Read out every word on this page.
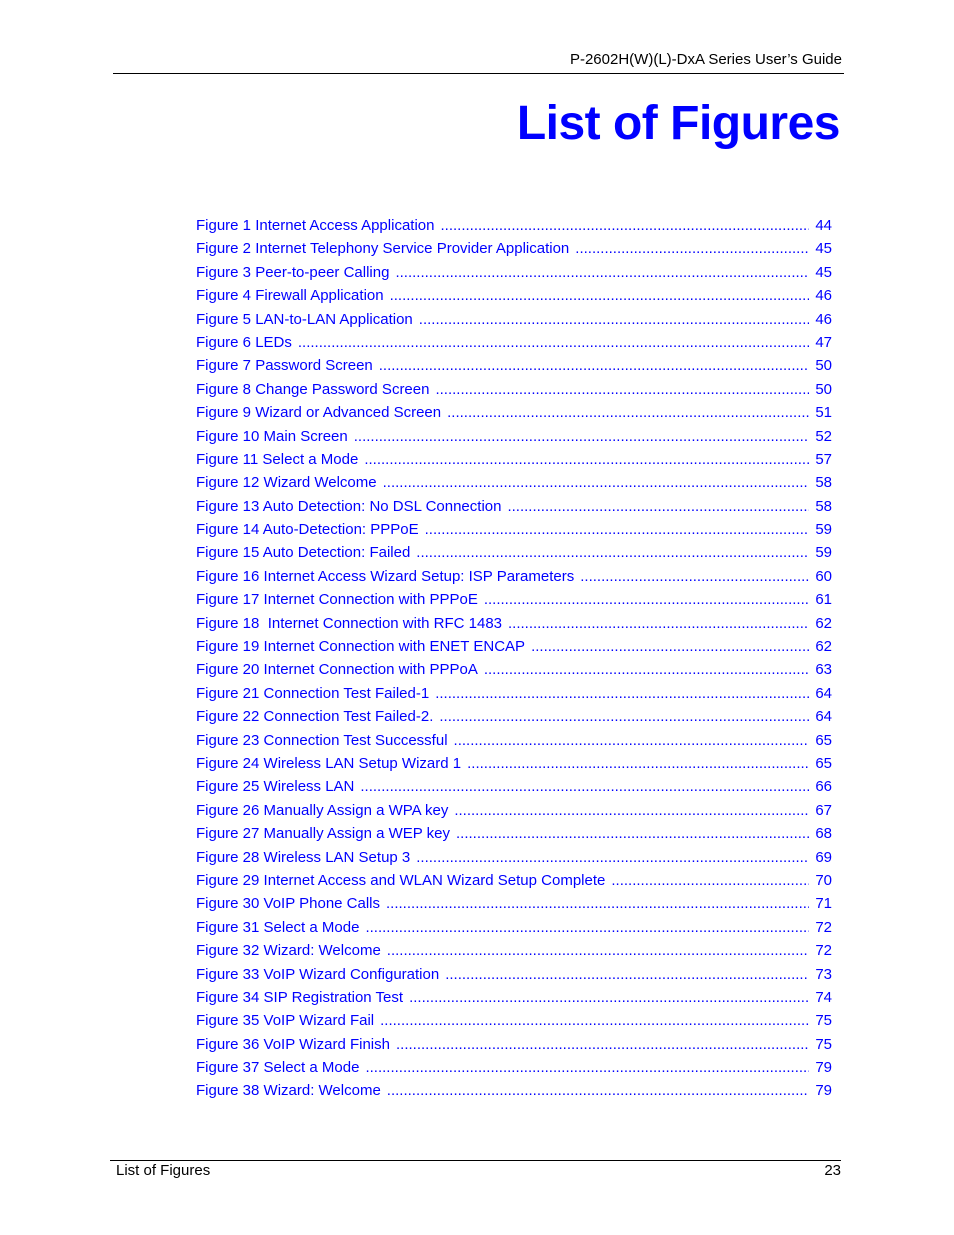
P-2602H(W)(L)-DxA Series User’s Guide
List of Figures
Figure 1 Internet Access Application .....	44
Figure 2 Internet Telephony Service Provider Application .....	45
Figure 3 Peer-to-peer Calling .....	45
Figure 4 Firewall Application .....	46
Figure 5 LAN-to-LAN Application .....	46
Figure 6 LEDs .....	47
Figure 7 Password Screen .....	50
Figure 8 Change Password Screen .....	50
Figure 9 Wizard or Advanced Screen .....	51
Figure 10 Main Screen .....	52
Figure 11 Select a Mode .....	57
Figure 12 Wizard Welcome .....	58
Figure 13 Auto Detection: No DSL Connection .....	58
Figure 14 Auto-Detection: PPPoE .....	59
Figure 15 Auto Detection: Failed .....	59
Figure 16 Internet Access Wizard Setup: ISP Parameters .....	60
Figure 17 Internet Connection with PPPoE .....	61
Figure 18  Internet Connection with RFC 1483 .....	62
Figure 19 Internet Connection with ENET ENCAP .....	62
Figure 20 Internet Connection with PPPoA .....	63
Figure 21 Connection Test Failed-1 .....	64
Figure 22 Connection Test Failed-2. .....	64
Figure 23 Connection Test Successful .....	65
Figure 24 Wireless LAN Setup Wizard 1 .....	65
Figure 25 Wireless LAN .....	66
Figure 26 Manually Assign a WPA key .....	67
Figure 27 Manually Assign a WEP key .....	68
Figure 28 Wireless LAN Setup 3 .....	69
Figure 29 Internet Access and WLAN Wizard Setup Complete .....	70
Figure 30 VoIP Phone Calls .....	71
Figure 31 Select a Mode .....	72
Figure 32 Wizard: Welcome .....	72
Figure 33 VoIP Wizard Configuration .....	73
Figure 34 SIP Registration Test .....	74
Figure 35 VoIP Wizard Fail .....	75
Figure 36 VoIP Wizard Finish .....	75
Figure 37 Select a Mode .....	79
Figure 38 Wizard: Welcome .....	79
List of Figures	23
